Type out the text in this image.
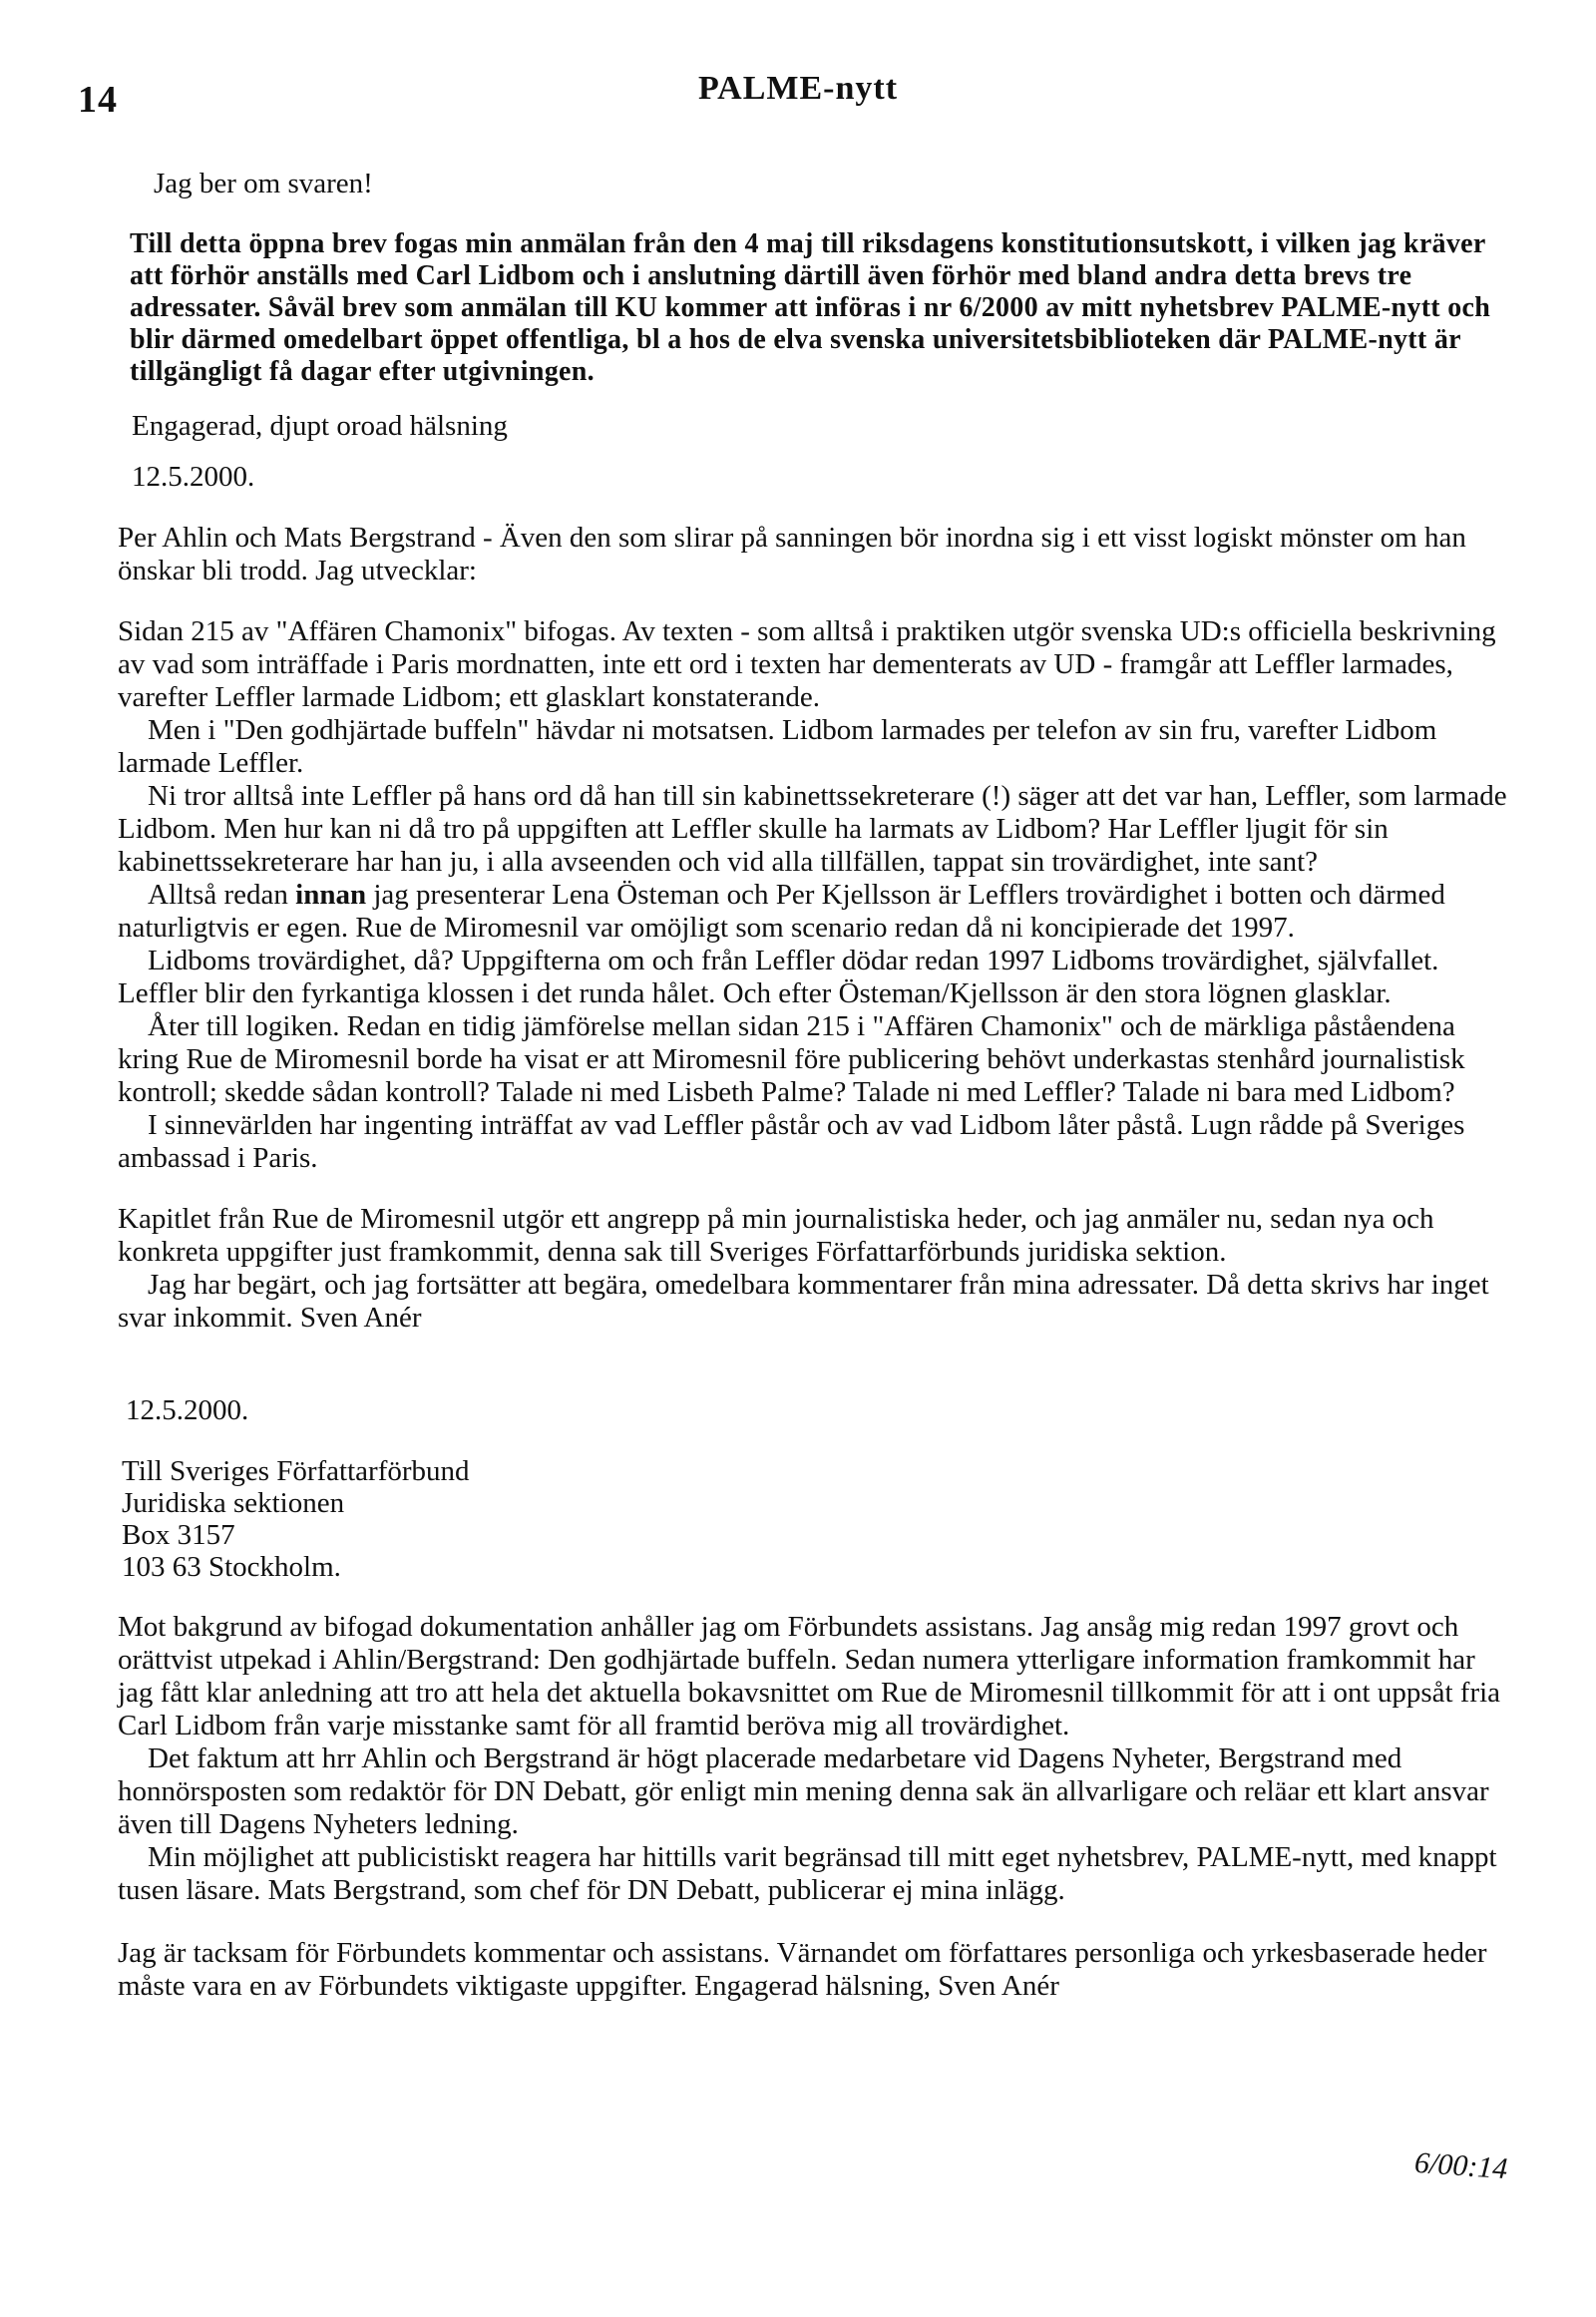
14	PALME-nytt

Jag ber om svaren!

Till detta öppna brev fogas min anmälan från den 4 maj till riksdagens konstitutionsutskott, i vilken jag kräver att förhör anställs med Carl Lidbom och i anslutning därtill även förhör med bland andra detta brevs tre adressater. Såväl brev som anmälan till KU kommer att införas i nr 6/2000 av mitt nyhetsbrev PALME-nytt och blir därmed omedelbart öppet offentliga, bl a hos de elva svenska universitetsbiblioteken där PALME-nytt är tillgängligt få dagar efter utgivningen.

Engagerad, djupt oroad hälsning

12.5.2000.

Per Ahlin och Mats Bergstrand - Även den som slirar på sanningen bör inordna sig i ett visst logiskt mönster om han önskar bli trodd. Jag utvecklar:

Sidan 215 av "Affären Chamonix" bifogas. Av texten - som alltså i praktiken utgör svenska UD:s officiella beskrivning av vad som inträffade i Paris mordnatten, inte ett ord i texten har dementerats av UD - framgår att Leffler larmades, varefter Leffler larmade Lidbom; ett glasklart konstaterande.

Men i "Den godhjärtade buffeln" hävdar ni motsatsen. Lidbom larmades per telefon av sin fru, varefter Lidbom larmade Leffler.

Ni tror alltså inte Leffler på hans ord då han till sin kabinettssekreterare (!) säger att det var han, Leffler, som larmade Lidbom. Men hur kan ni då tro på uppgiften att Leffler skulle ha larmats av Lidbom? Har Leffler ljugit för sin kabinettssekreterare har han ju, i alla avseenden och vid alla tillfällen, tappat sin trovärdighet, inte sant?

Alltså redan innan jag presenterar Lena Östeman och Per Kjellsson är Lefflers trovärdighet i botten och därmed naturligtvis er egen. Rue de Miromesnil var omöjligt som scenario redan då ni koncipierade det 1997.

Lidboms trovärdighet, då? Uppgifterna om och från Leffler dödar redan 1997 Lidboms trovärdighet, självfallet. Leffler blir den fyrkantiga klossen i det runda hålet. Och efter Östeman/Kjellsson är den stora lögnen glasklar.

Åter till logiken. Redan en tidig jämförelse mellan sidan 215 i "Affären Chamonix" och de märkliga påståendena kring Rue de Miromesnil borde ha visat er att Miromesnil före publicering behövt underkastas stenhård journalistisk kontroll; skedde sådan kontroll? Talade ni med Lisbeth Palme? Talade ni med Leffler? Talade ni bara med Lidbom?

I sinnevärlden har ingenting inträffat av vad Leffler påstår och av vad Lidbom låter påstå. Lugn rådde på Sveriges ambassad i Paris.

Kapitlet från Rue de Miromesnil utgör ett angrepp på min journalistiska heder, och jag anmäler nu, sedan nya och konkreta uppgifter just framkommit, denna sak till Sveriges Författarförbunds juridiska sektion.

Jag har begärt, och jag fortsätter att begära, omedelbara kommentarer från mina adressater. Då detta skrivs har inget svar inkommit. Sven Anér

12.5.2000.

Till Sveriges Författarförbund

Juridiska sektionen

Box 3157

103 63 Stockholm.

Mot bakgrund av bifogad dokumentation anhåller jag om Förbundets assistans. Jag ansåg mig redan 1997 grovt och orättvist utpekad i Ahlin/Bergstrand: Den godhjärtade buffeln. Sedan numera ytterligare information framkommit har jag fått klar anledning att tro att hela det aktuella bokavsnittet om Rue de Miromesnil tillkommit för att i ont uppsåt fria Carl Lidbom från varje misstanke samt för all framtid beröva mig all trovärdighet.

Det faktum att hrr Ahlin och Bergstrand är högt placerade medarbetare vid Dagens Nyheter, Bergstrand med honnörsposten som redaktör för DN Debatt, gör enligt min mening denna sak än allvarligare och reläar ett klart ansvar även till Dagens Nyheters ledning.

Min möjlighet att publicistiskt reagera har hittills varit begränsad till mitt eget nyhetsbrev, PALME-nytt, med knappt tusen läsare. Mats Bergstrand, som chef för DN Debatt, publicerar ej mina inlägg.

Jag är tacksam för Förbundets kommentar och assistans. Värnandet om författares personliga och yrkesbaserade heder måste vara en av Förbundets viktigaste uppgifter. Engagerad hälsning, Sven Anér

6/00:14
